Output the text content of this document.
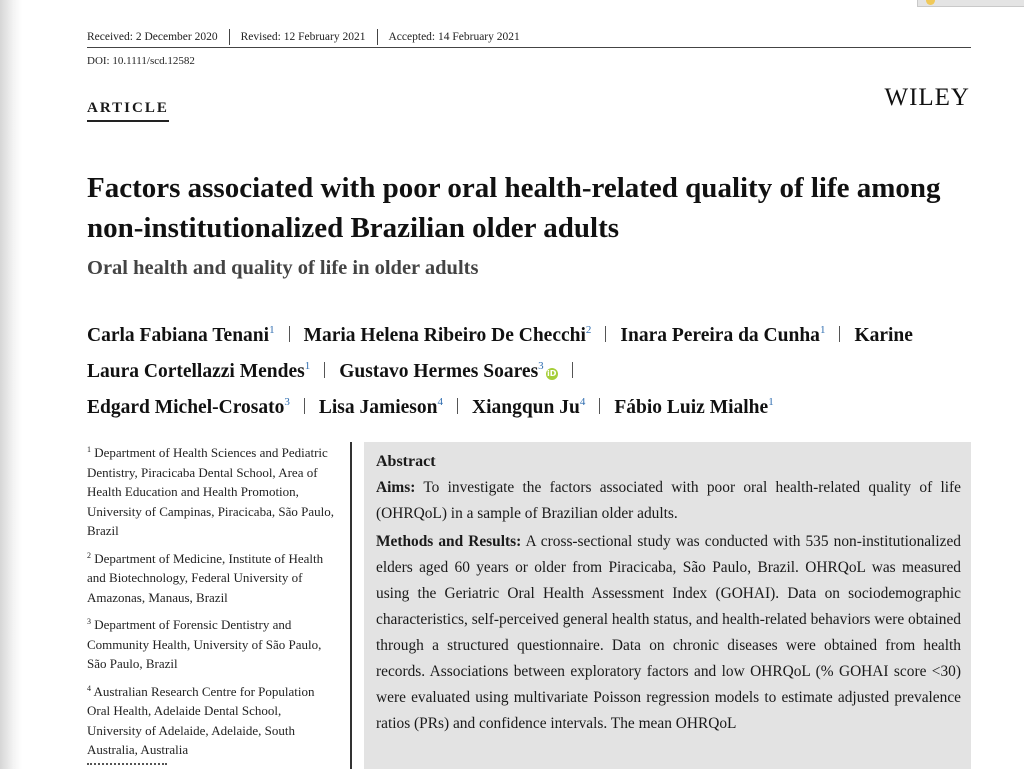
Received: 2 December 2020 Revised: 12 February 2021 Accepted: 14 February 2021
DOI: 10.1111/scd.12582
ARTICLE	WILEY
Factors associated with poor oral health-related quality of life among non-institutionalized Brazilian older adults
Oral health and quality of life in older adults
Carla Fabiana Tenani$^1$ Maria Helena Ribeiro De Checchi$^2$ Inara Pereira da Cunha$^1$ Karine Laura Cortellazzi Mendes$^1$ Gustavo Hermes Soares$^3$iD
Edgard Michel-Crosato$^3$ Lisa Jamieson$^4$ Xiangqun Ju$^4$ Fábio Luiz Mialhe$^1$

$^1$ Department of Health Sciences and Pediatric Dentistry, Piracicaba Dental School, Area of Health Education and Health Promotion, University of Campinas, Piracicaba, São Paulo, Brazil

$^2$ Department of Medicine, Institute of Health and Biotechnology, Federal University of Amazonas, Manaus, Brazil

$^3$ Department of Forensic Dentistry and Community Health, University of São Paulo, São Paulo, Brazil

$^4$ Australian Research Centre for Population Oral Health, Adelaide Dental School, University of Adelaide, Adelaide, South Australia, Australia

Abstract

Aims: To investigate the factors associated with poor oral health-related quality of life (OHRQoL) in a sample of Brazilian older adults.

Methods and Results: A cross-sectional study was conducted with 535 non-institutionalized elders aged 60 years or older from Piracicaba, São Paulo, Brazil. OHRQoL was measured using the Geriatric Oral Health Assessment Index (GOHAI). Data on sociodemographic characteristics, self-perceived general health status, and health-related behaviors were obtained through a structured questionnaire. Data on chronic diseases were obtained from health records. Associations between exploratory factors and low OHRQoL (% GOHAI score <30) were evaluated using multivariate Poisson regression models to estimate adjusted prevalence ratios (PRs) and confidence intervals. The mean OHRQoL
